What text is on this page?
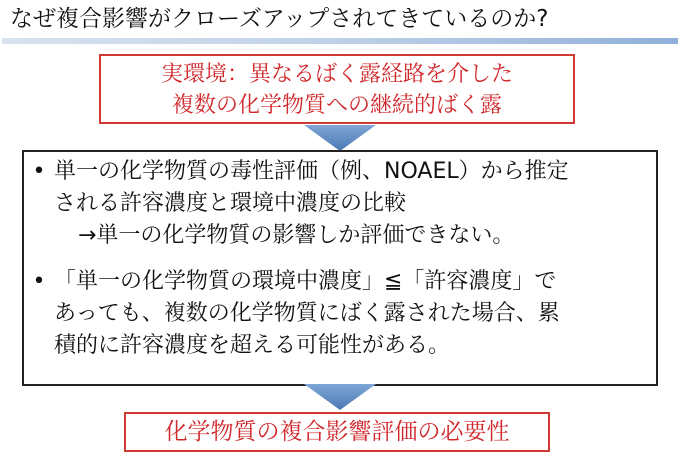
なぜ複合影響がクローズアップされてきているのか?
実環境：異なるばく露経路を介した
複数の化学物質への継続的ばく露
• 単一の化学物質の毒性評価（例、NOAEL）から推定
される許容濃度と環境中濃度の比較
→単一の化学物質の影響しか評価できない。
• 「単一の化学物質の環境中濃度」≦「許容濃度」で
あっても、複数の化学物質にばく露された場合、累
積的に許容濃度を超える可能性がある。
化学物質の複合影響評価の必要性
